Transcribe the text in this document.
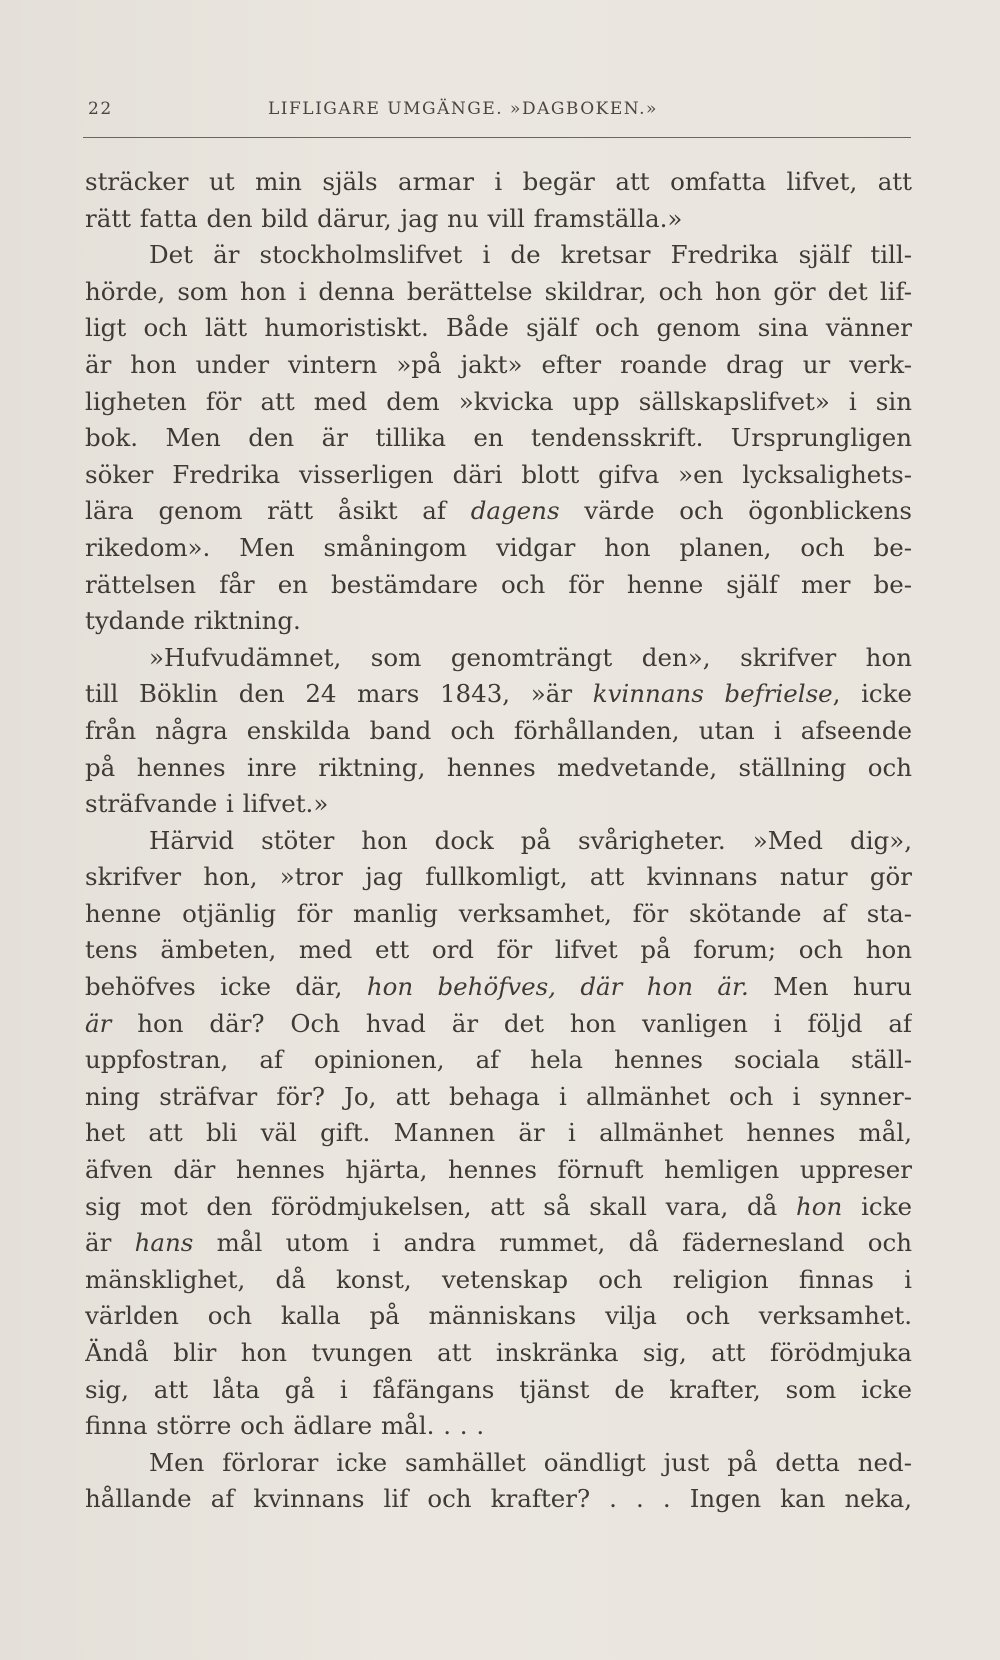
22	LIFLIGARE UMGÄNGE. »DAGBOKEN.»
sträcker ut min själs armar i begär att omfatta lifvet, att
rätt fatta den bild därur, jag nu vill framställa.»
Det är stockholmslifvet i de kretsar Fredrika själf till-
hörde, som hon i denna berättelse skildrar, och hon gör det lif-
ligt och lätt humoristiskt. Både själf och genom sina vänner
är hon under vintern »på jakt» efter roande drag ur verk-
ligheten för att med dem »kvicka upp sällskapslifvet» i sin
bok. Men den är tillika en tendensskrift. Ursprungligen
söker Fredrika visserligen däri blott gifva »en lycksalighets-
lära genom rätt åsikt af dagens värde och ögonblickens
rikedom». Men småningom vidgar hon planen, och be-
rättelsen får en bestämdare och för henne själf mer be-
tydande riktning.
»Hufvudämnet, som genomträngt den», skrifver hon
till Böklin den 24 mars 1843, »är kvinnans befrielse, icke
från några enskilda band och förhållanden, utan i afseende
på hennes inre riktning, hennes medvetande, ställning och
sträfvande i lifvet.»
Härvid stöter hon dock på svårigheter. »Med dig»,
skrifver hon, »tror jag fullkomligt, att kvinnans natur gör
henne otjänlig för manlig verksamhet, för skötande af sta-
tens ämbeten, med ett ord för lifvet på forum; och hon
behöfves icke där, hon behöfves, där hon är. Men huru
är hon där? Och hvad är det hon vanligen i följd af
uppfostran, af opinionen, af hela hennes sociala ställ-
ning sträfvar för? Jo, att behaga i allmänhet och i synner-
het att bli väl gift. Mannen är i allmänhet hennes mål,
äfven där hennes hjärta, hennes förnuft hemligen uppreser
sig mot den förödmjukelsen, att så skall vara, då hon icke
är hans mål utom i andra rummet, då fädernesland och
mänsklighet, då konst, vetenskap och religion finnas i
världen och kalla på människans vilja och verksamhet.
Ändå blir hon tvungen att inskränka sig, att förödmjuka
sig, att låta gå i fåfängans tjänst de krafter, som icke
finna större och ädlare mål. . . .
Men förlorar icke samhället oändligt just på detta ned-
hållande af kvinnans lif och krafter? . . . Ingen kan neka,
